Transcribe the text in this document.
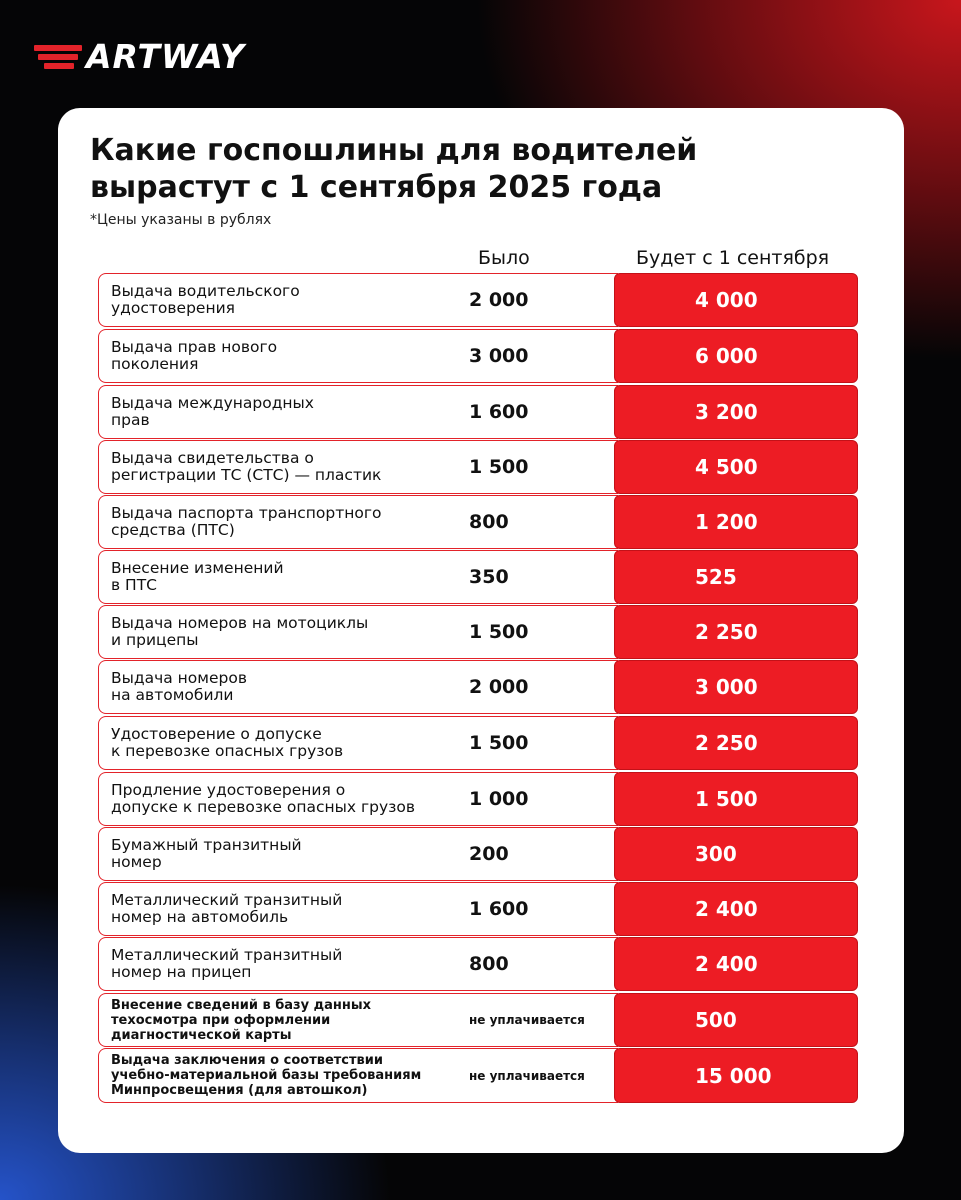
ARTWAY
Какие госпошлины для водителей
вырастут с 1 сентября 2025 года
*Цены указаны в рублях
Было	Будет с 1 сентября
Выдача водительского
удостоверения	2 000	4 000
Выдача прав нового
поколения	3 000	6 000
Выдача международных
прав	1 600	3 200
Выдача свидетельства о
регистрации ТС (СТС) — пластик	1 500	4 500
Выдача паспорта транспортного
средства (ПТС)	800	1 200
Внесение изменений
в ПТС	350	525
Выдача номеров на мотоциклы
и прицепы	1 500	2 250
Выдача номеров
на автомобили	2 000	3 000
Удостоверение о допуске
к перевозке опасных грузов	1 500	2 250
Продление удостоверения о
допуске к перевозке опасных грузов	1 000	1 500
Бумажный транзитный
номер	200	300
Металлический транзитный
номер на автомобиль	1 600	2 400
Металлический транзитный
номер на прицеп	800	2 400
Внесение сведений в базу данных
техосмотра при оформлении
диагностической карты
не уплачивается	500
Выдача заключения о соответствии
учебно-материальной базы требованиям
Минпросвещения (для автошкол)
не уплачивается	15 000
